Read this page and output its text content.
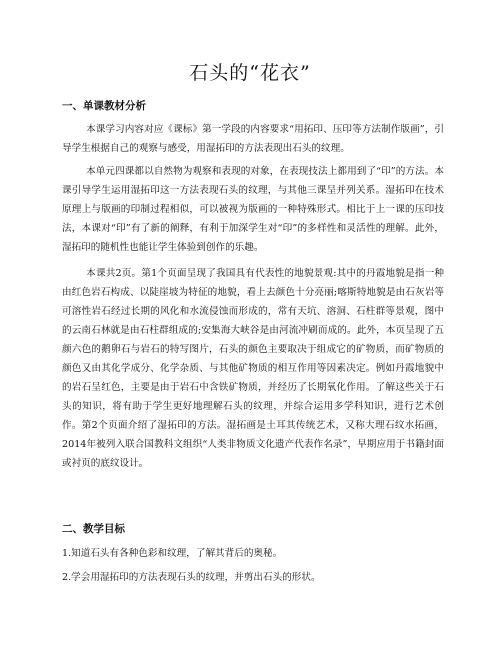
石头的“花衣”
一、单课教材分析
本课学习内容对应《课标》第一学段的内容要求“用拓印、压印等方法制作版画”，引导学生根据自己的观察与感受，用湿拓印的方法表现出石头的纹理。
本单元四课都以自然物为观察和表现的对象，在表现技法上都用到了“印”的方法。本课引导学生运用湿拓印这一方法表现石头的纹理，与其他三课呈并列关系。湿拓印在技术原理上与版画的印制过程相似，可以被视为版画的一种特殊形式。相比于上一课的压印技法，本课对“印”有了新的阐释，有利于加深学生对“印”的多样性和灵活性的理解。此外，湿拓印的随机性也能让学生体验到创作的乐趣。
本课共2页。第1个页面呈现了我国具有代表性的地貌景观:其中的丹霞地貌是指一种由红色岩石构成、以陡崖坡为特征的地貌，看上去颜色十分亮丽;喀斯特地貌是由石灰岩等可溶性岩石经过长期的风化和水流侵蚀而形成的，常有天坑、溶洞、石柱群等景观，图中的云南石林就是由石柱群组成的;安集海大峡谷是由河流冲刷而成的。此外，本页呈现了五颜六色的鹅卵石与岩石的特写图片，石头的颜色主要取决于组成它的矿物质，而矿物质的颜色又由其化学成分、化学杂质、与其他矿物质的相互作用等因素决定。例如丹霞地貌中的岩石呈红色，主要是由于岩石中含铁矿物质，并经历了长期氧化作用。了解这些关于石头的知识，将有助于学生更好地理解石头的纹理，并综合运用多学科知识，进行艺术创作。第2个页面介绍了湿拓印的方法。湿拓画是土耳其传统艺术，又称大理石纹水拓画，2014年被列入联合国教科文组织“人类非物质文化遗产代表作名录”，早期应用于书籍封面或衬页的底纹设计。
二、教学目标
1.知道石头有各种色彩和纹理，了解其背后的奥秘。
2.学会用湿拓印的方法表现石头的纹理，并剪出石头的形状。
